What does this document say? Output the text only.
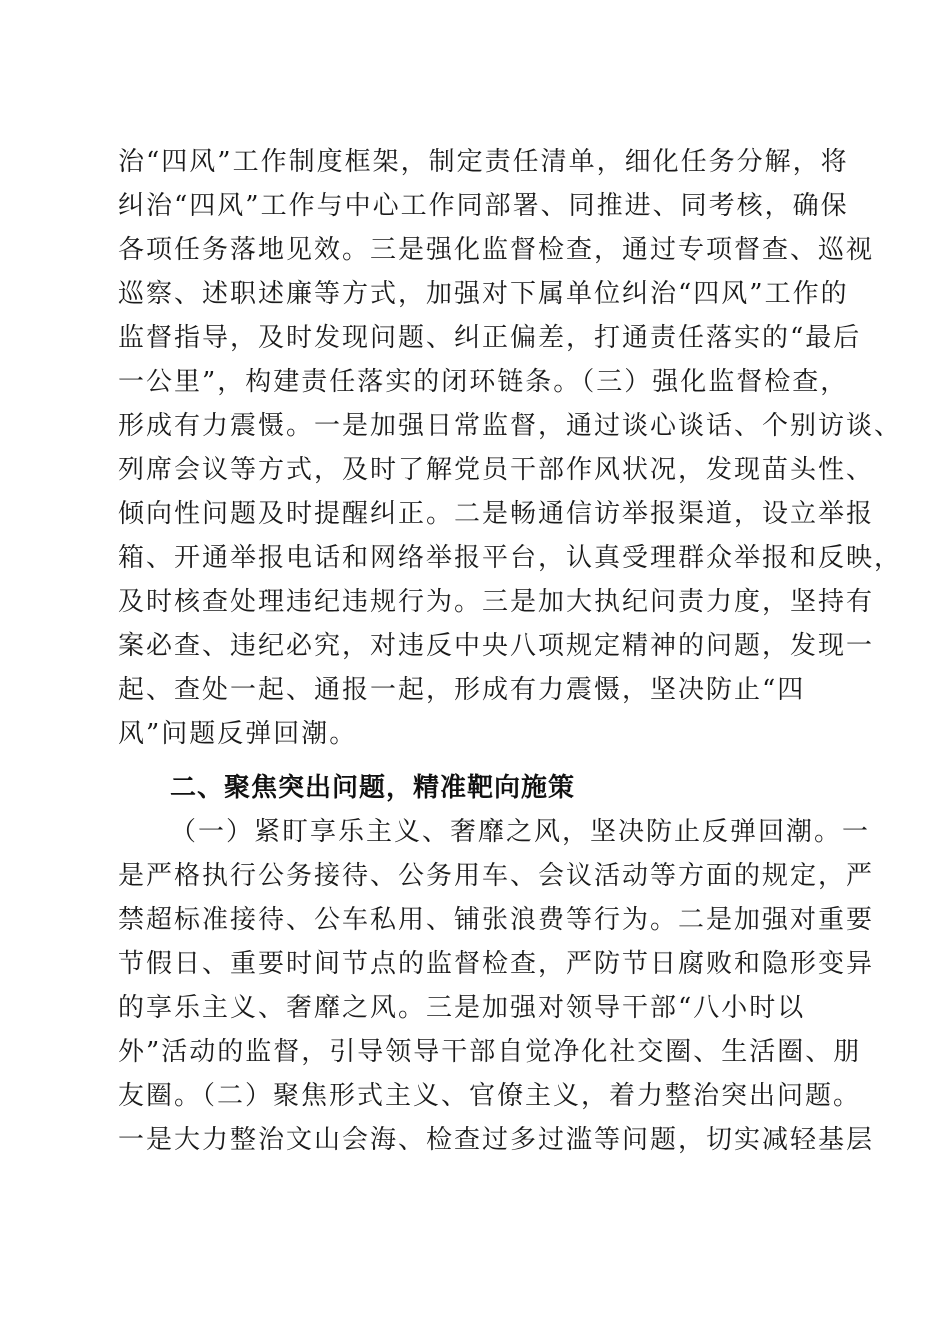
治“四风”工作制度框架，制定责任清单，细化任务分解，将
纠治“四风”工作与中心工作同部署、同推进、同考核，确保
各项任务落地见效。三是强化监督检查，通过专项督查、巡视
巡察、述职述廉等方式，加强对下属单位纠治“四风”工作的
监督指导，及时发现问题、纠正偏差，打通责任落实的“最后
一公里”，构建责任落实的闭环链条。（三）强化监督检查，
形成有力震慑。一是加强日常监督，通过谈心谈话、个别访谈、
列席会议等方式，及时了解党员干部作风状况，发现苗头性、
倾向性问题及时提醒纠正。二是畅通信访举报渠道，设立举报
箱、开通举报电话和网络举报平台，认真受理群众举报和反映，
及时核查处理违纪违规行为。三是加大执纪问责力度，坚持有
案必查、违纪必究，对违反中央八项规定精神的问题，发现一
起、查处一起、通报一起，形成有力震慑，坚决防止“四
风”问题反弹回潮。
二、聚焦突出问题，精准靶向施策
（一）紧盯享乐主义、奢靡之风，坚决防止反弹回潮。一
是严格执行公务接待、公务用车、会议活动等方面的规定，严
禁超标准接待、公车私用、铺张浪费等行为。二是加强对重要
节假日、重要时间节点的监督检查，严防节日腐败和隐形变异
的享乐主义、奢靡之风。三是加强对领导干部“八小时以
外”活动的监督，引导领导干部自觉净化社交圈、生活圈、朋
友圈。（二）聚焦形式主义、官僚主义，着力整治突出问题。
一是大力整治文山会海、检查过多过滥等问题，切实减轻基层
